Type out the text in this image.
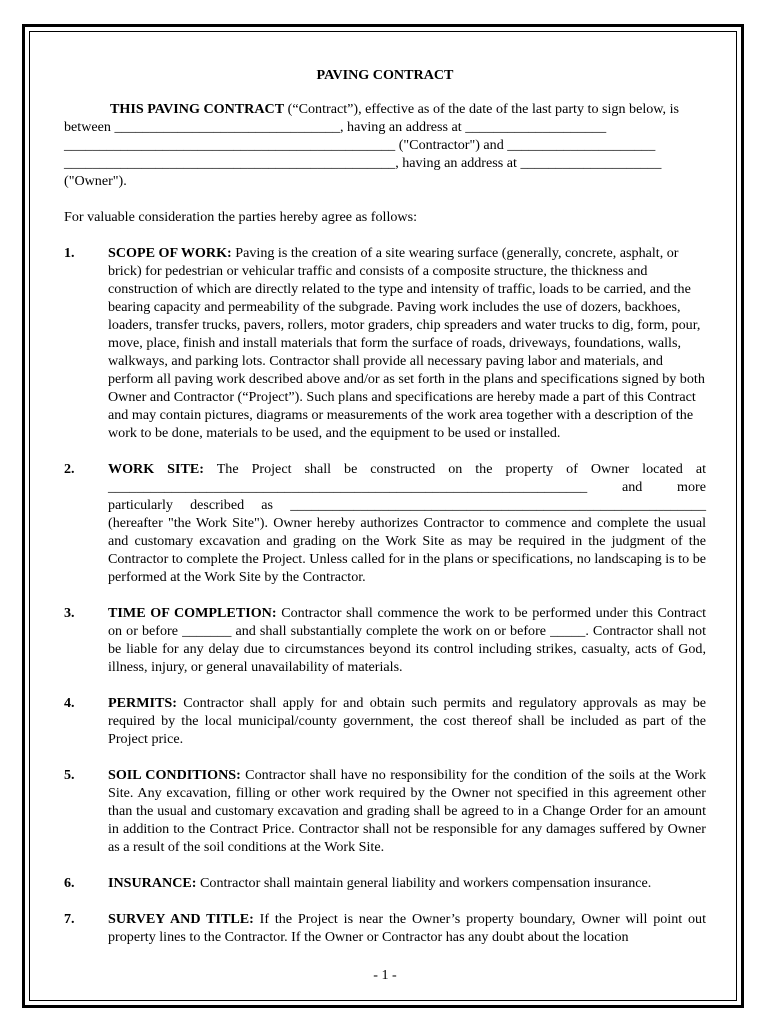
PAVING CONTRACT

THIS PAVING CONTRACT (“Contract”), effective as of the date of the last party to sign below, is between ________________________________, having an address at ____________________

_______________________________________________ ("Contractor") and _____________________

_______________________________________________, having an address at ____________________

("Owner").

For valuable consideration the parties hereby agree as follows:

1. SCOPE OF WORK: Paving is the creation of a site wearing surface (generally, concrete, asphalt, or brick) for pedestrian or vehicular traffic and consists of a composite structure, the thickness and construction of which are directly related to the type and intensity of traffic, loads to be carried, and the bearing capacity and permeability of the subgrade. Paving work includes the use of dozers, backhoes, loaders, transfer trucks, pavers, rollers, motor graders, chip spreaders and water trucks to dig, form, pour, move, place, finish and install materials that form the surface of roads, driveways, foundations, walls, walkways, and parking lots. Contractor shall provide all necessary paving labor and materials, and perform all paving work described above and/or as set forth in the plans and specifications signed by both Owner and Contractor (“Project”). Such plans and specifications are hereby made a part of this Contract and may contain pictures, diagrams or measurements of the work area together with a description of the work to be done, materials to be used, and the equipment to be used or installed.
2. WORK SITE: The Project shall be constructed on the property of Owner located at ____________________________________________________________________ and more particularly described as ___________________________________________________________ (hereafter "the Work Site"). Owner hereby authorizes Contractor to commence and complete the usual and customary excavation and grading on the Work Site as may be required in the judgment of the Contractor to complete the Project. Unless called for in the plans or specifications, no landscaping is to be performed at the Work Site by the Contractor.
3. TIME OF COMPLETION: Contractor shall commence the work to be performed under this Contract on or before _______ and shall substantially complete the work on or before _____. Contractor shall not be liable for any delay due to circumstances beyond its control including strikes, casualty, acts of God, illness, injury, or general unavailability of materials.
4. PERMITS: Contractor shall apply for and obtain such permits and regulatory approvals as may be required by the local municipal/county government, the cost thereof shall be included as part of the Project price.
5. SOIL CONDITIONS: Contractor shall have no responsibility for the condition of the soils at the Work Site. Any excavation, filling or other work required by the Owner not specified in this agreement other than the usual and customary excavation and grading shall be agreed to in a Change Order for an amount in addition to the Contract Price. Contractor shall not be responsible for any damages suffered by Owner as a result of the soil conditions at the Work Site.
6. INSURANCE: Contractor shall maintain general liability and workers compensation insurance.
7. SURVEY AND TITLE: If the Project is near the Owner’s property boundary, Owner will point out property lines to the Contractor. If the Owner or Contractor has any doubt about the location
- 1 -
